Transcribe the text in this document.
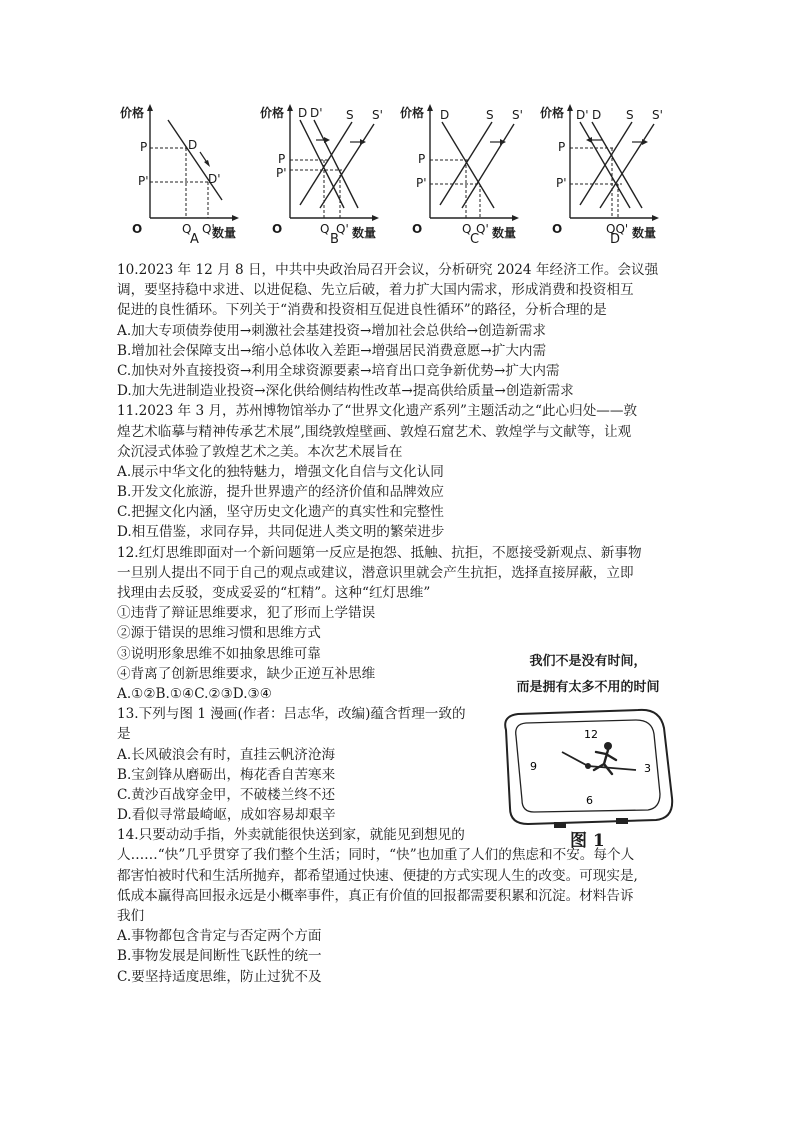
价格
O	数量
P
P'
Q Q'
D
D'
A
价格
O	数量
P
P'
Q Q'
D D' S S'
B
价格
O	数量
P
P'
Q Q'
D	S S'
C
价格
O	数量
P
P'
QQ'
D' D S S'
D
10.2023 年 12 月 8 日，中共中央政治局召开会议，分析研究 2024 年经济工作。会议强
调，要坚持稳中求进、以进促稳、先立后破，着力扩大国内需求，形成消费和投资相互
促进的良性循环。下列关于“消费和投资相互促进良性循环”的路径，分析合理的是
A.加大专项债券使用→刺激社会基建投资→增加社会总供给→创造新需求
B.增加社会保障支出→缩小总体收入差距→增强居民消费意愿→扩大内需
C.加快对外直接投资→利用全球资源要素→培育出口竞争新优势→扩大内需
D.加大先进制造业投资→深化供给侧结构性改革→提高供给质量→创造新需求
11.2023 年 3 月，苏州博物馆举办了“世界文化遗产系列”主题活动之“此心归处——敦
煌艺术临摹与精神传承艺术展”,围绕敦煌壁画、敦煌石窟艺术、敦煌学与文献等，让观
众沉浸式体验了敦煌艺术之美。本次艺术展旨在
A.展示中华文化的独特魅力，增强文化自信与文化认同
B.开发文化旅游，提升世界遗产的经济价值和品牌效应
C.把握文化内涵，坚守历史文化遗产的真实性和完整性
D.相互借鉴，求同存异，共同促进人类文明的繁荣进步
12.红灯思维即面对一个新问题第一反应是抱怨、抵触、抗拒，不愿接受新观点、新事物
一旦别人提出不同于自己的观点或建议，潜意识里就会产生抗拒，选择直接屏蔽，立即
找理由去反驳，变成妥妥的“杠精”。这种“红灯思维”
①违背了辩证思维要求，犯了形而上学错误
②源于错误的思维习惯和思维方式
③说明形象思维不如抽象思维可靠
④背离了创新思维要求，缺少正逆互补思维
A.①②B.①④C.②③D.③④
13.下列与图 1 漫画(作者：吕志华，改编)蕴含哲理一致的
是
A.长风破浪会有时，直挂云帆济沧海
B.宝剑锋从磨砺出，梅花香自苦寒来
C.黄沙百战穿金甲，不破楼兰终不还
D.看似寻常最崎岖，成如容易却艰辛
14.只要动动手指，外卖就能很快送到家，就能见到想见的
人……“快”几乎贯穿了我们整个生活；同时，“快”也加重了人们的焦虑和不安。每个人
都害怕被时代和生活所抛弃，都希望通过快速、便捷的方式实现人生的改变。可现实是,
低成本赢得高回报永远是小概率事件，真正有价值的回报都需要积累和沉淀。材料告诉
我们
A.事物都包含肯定与否定两个方面
B.事物发展是间断性飞跃性的统一
C.要坚持适度思维，防止过犹不及
我们不是没有时间，
而是拥有太多不用的时间
12
3
6
9
图 1
